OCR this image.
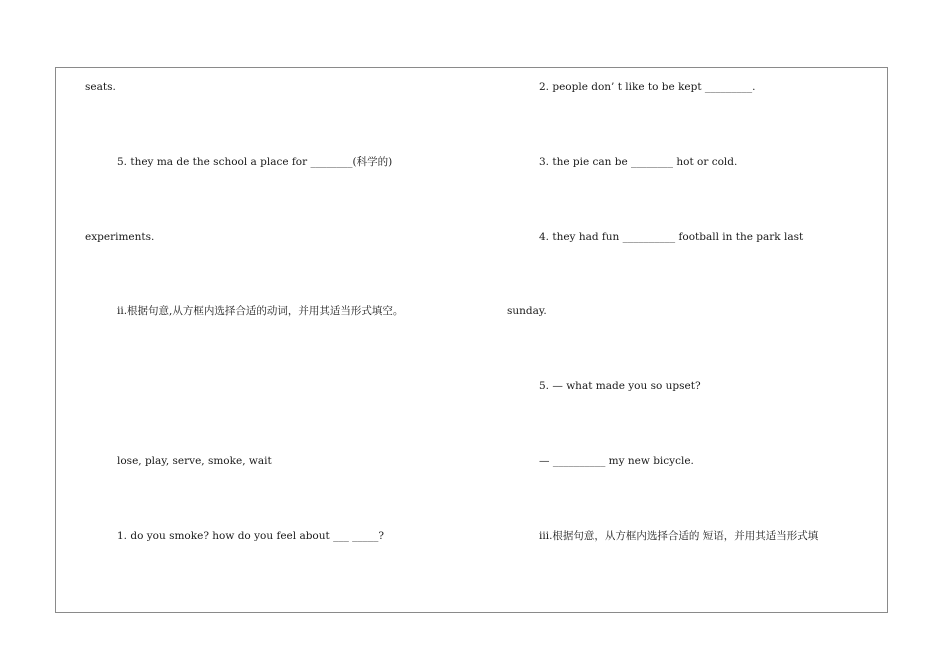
seats.
5. they ma de the school a place for ________(科学的)
experiments.
ⅱ.根据句意,从方框内选择合适的动词，并用其适当形式填空。
lose, play, serve, smoke, wait
1. do you smoke? how do you feel about ___ _____?
2. people don’ t like to be kept _________.
3. the pie can be ________ hot or cold.
4. they had fun __________ football in the park last
sunday.
5. — what made you so upset?
— __________ my new bicycle.
ⅲ.根据句意，从方框内选择合适的 短语，并用其适当形式填
